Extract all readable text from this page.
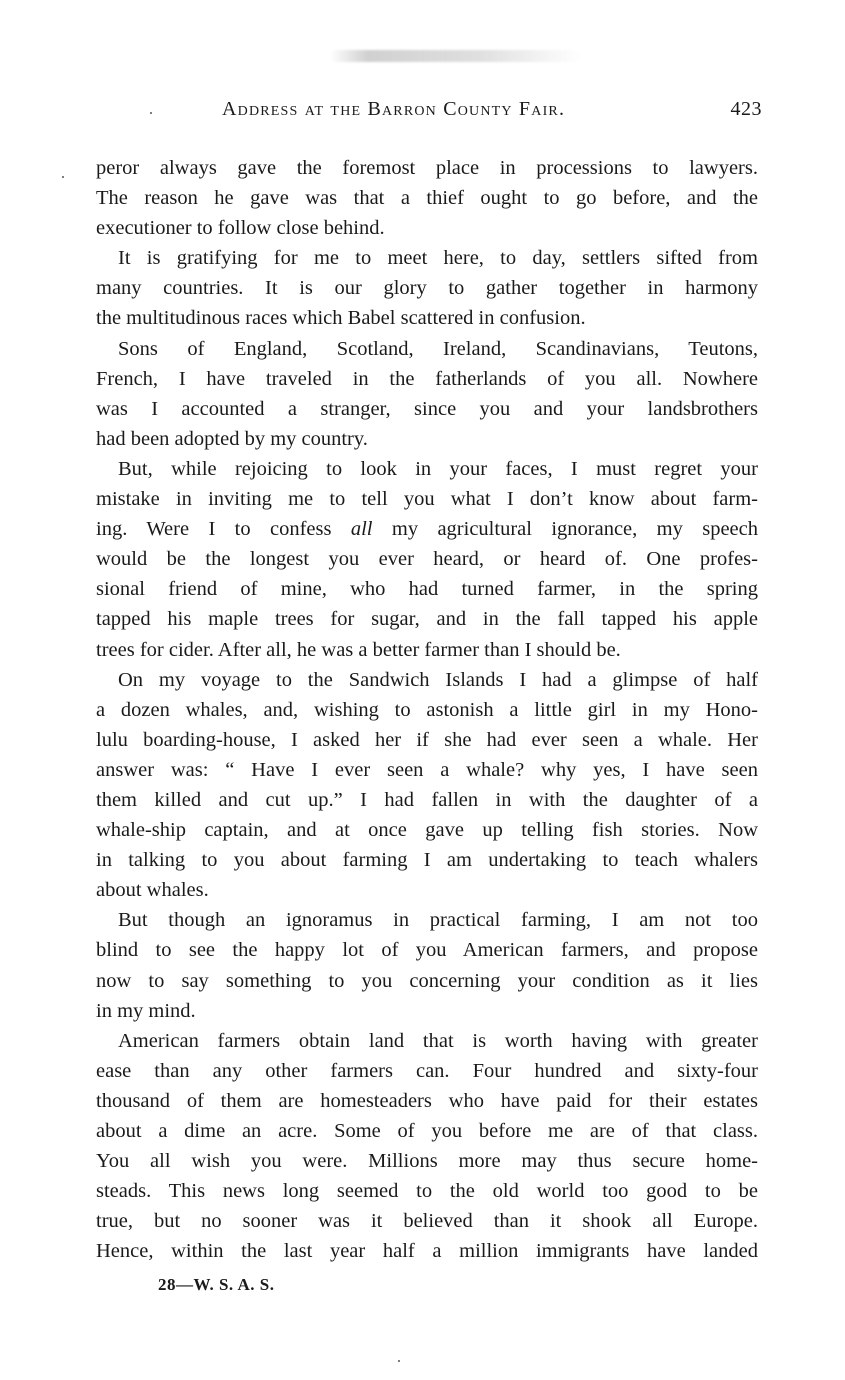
Address at the Barron County Fair.	423
peror always gave the foremost place in processions to lawyers.
The reason he gave was that a thief ought to go before, and the
executioner to follow close behind.
It is gratifying for me to meet here, to day, settlers sifted from
many countries. It is our glory to gather together in harmony
the multitudinous races which Babel scattered in confusion.
Sons of England, Scotland, Ireland, Scandinavians, Teutons,
French, I have traveled in the fatherlands of you all. Nowhere
was I accounted a stranger, since you and your landsbrothers
had been adopted by my country.
But, while rejoicing to look in your faces, I must regret your
mistake in inviting me to tell you what I don’t know about farm-
ing. Were I to confess all my agricultural ignorance, my speech
would be the longest you ever heard, or heard of. One profes-
sional friend of mine, who had turned farmer, in the spring
tapped his maple trees for sugar, and in the fall tapped his apple
trees for cider. After all, he was a better farmer than I should be.
On my voyage to the Sandwich Islands I had a glimpse of half
a dozen whales, and, wishing to astonish a little girl in my Hono-
lulu boarding-house, I asked her if she had ever seen a whale. Her
answer was: “ Have I ever seen a whale? why yes, I have seen
them killed and cut up.” I had fallen in with the daughter of a
whale-ship captain, and at once gave up telling fish stories. Now
in talking to you about farming I am undertaking to teach whalers
about whales.
But though an ignoramus in practical farming, I am not too
blind to see the happy lot of you American farmers, and propose
now to say something to you concerning your condition as it lies
in my mind.
American farmers obtain land that is worth having with greater
ease than any other farmers can. Four hundred and sixty-four
thousand of them are homesteaders who have paid for their estates
about a dime an acre. Some of you before me are of that class.
You all wish you were. Millions more may thus secure home-
steads. This news long seemed to the old world too good to be
true, but no sooner was it believed than it shook all Europe.
Hence, within the last year half a million immigrants have landed
28—W. S. A. S.
